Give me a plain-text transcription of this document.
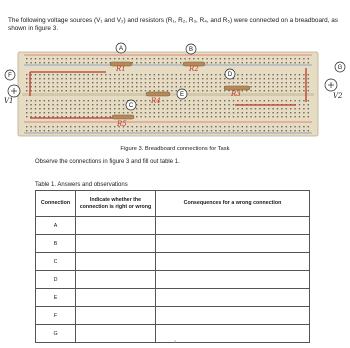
The following voltage sources (V₁ and V₂) and resistors (R₁, R₂, R₃, R₄, and R₅) were connected on a breadboard, as shown in figure 3.
R1	R2
R3
R4
R5
V1
V2
A	B
C
D
E
F
G
Figure 3. Breadboard connections for Task
Observe the connections in figure 3 and fill out table 1.
Table 1. Answers and observations
Connection	Indicate whether the connection is right or wrong	Consequences for a wrong connection
A		
B		
C		
D		
E		
F		
G		
3
